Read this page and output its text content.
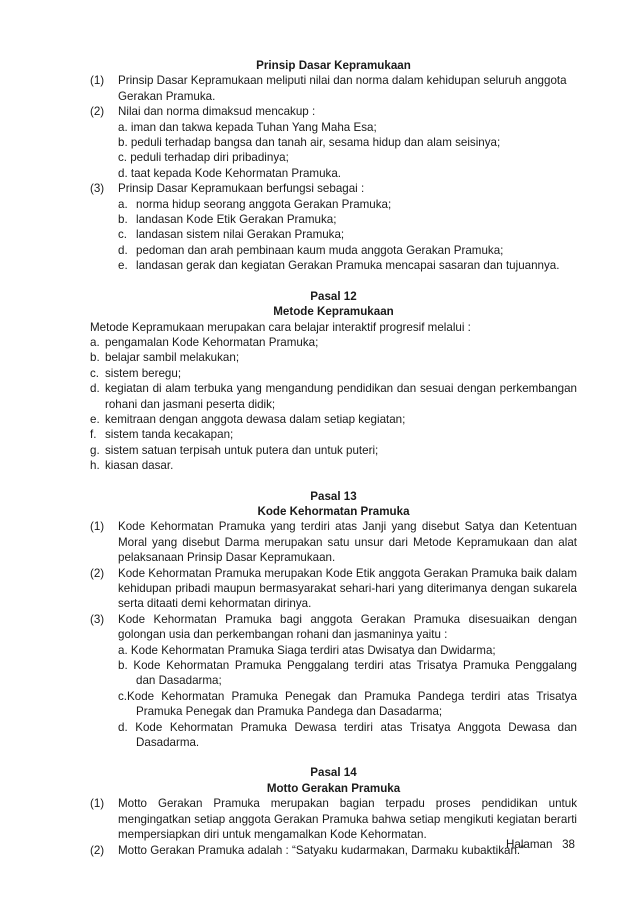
Prinsip Dasar Kepramukaan

(1)	Prinsip Dasar Kepramukaan meliputi nilai dan norma dalam kehidupan seluruh anggota Gerakan Pramuka.
(2)	Nilai dan norma dimaksud mencakup :
a. iman dan takwa kepada Tuhan Yang Maha Esa;
b. peduli terhadap bangsa dan tanah air, sesama hidup dan alam seisinya;
c. peduli terhadap diri pribadinya;
d. taat kepada Kode Kehormatan Pramuka.
(3)	Prinsip Dasar Kepramukaan berfungsi sebagai :
a. norma hidup seorang anggota Gerakan Pramuka;
b. landasan Kode Etik Gerakan Pramuka;
c. landasan sistem nilai Gerakan Pramuka;
d. pedoman dan arah pembinaan kaum muda anggota Gerakan Pramuka;
e. landasan gerak dan kegiatan Gerakan Pramuka mencapai sasaran dan tujuannya.

Pasal 12

Metode Kepramukaan

Metode Kepramukaan merupakan cara belajar interaktif progresif melalui :

a. pengamalan Kode Kehormatan Pramuka;
b. belajar sambil melakukan;
c. sistem beregu;
d. kegiatan di alam terbuka yang mengandung pendidikan dan sesuai dengan perkembangan rohani dan jasmani peserta didik;
e. kemitraan dengan anggota dewasa dalam setiap kegiatan;
f. sistem tanda kecakapan;
g. sistem satuan terpisah untuk putera dan untuk puteri;
h. kiasan dasar.

Pasal 13

Kode Kehormatan Pramuka

(1)	Kode Kehormatan Pramuka yang terdiri atas Janji yang disebut Satya dan Ketentuan Moral yang disebut Darma merupakan satu unsur dari Metode Kepramukaan dan alat pelaksanaan Prinsip Dasar Kepramukaan.
(2)	Kode Kehormatan Pramuka merupakan Kode Etik anggota Gerakan Pramuka baik dalam kehidupan pribadi maupun bermasyarakat sehari-hari yang diterimanya dengan sukarela serta ditaati demi kehormatan dirinya.
(3)	Kode Kehormatan Pramuka bagi anggota Gerakan Pramuka disesuaikan dengan golongan usia dan perkembangan rohani dan jasmaninya yaitu :
a. Kode Kehormatan Pramuka Siaga terdiri atas Dwisatya dan Dwidarma;
b. Kode Kehormatan Pramuka Penggalang terdiri atas Trisatya Pramuka Penggalang dan Dasadarma;
c.Kode Kehormatan Pramuka Penegak dan Pramuka Pandega terdiri atas Trisatya Pramuka Penegak dan Pramuka Pandega dan Dasadarma;
d. Kode Kehormatan Pramuka Dewasa terdiri atas Trisatya Anggota Dewasa dan Dasadarma.

Pasal 14

Motto Gerakan Pramuka

(1)	Motto Gerakan Pramuka merupakan bagian terpadu proses pendidikan untuk mengingatkan setiap anggota Gerakan Pramuka bahwa setiap mengikuti kegiatan berarti mempersiapkan diri untuk mengamalkan Kode Kehormatan.
(2)	Motto Gerakan Pramuka adalah : “Satyaku kudarmakan, Darmaku kubaktikan.”
Halaman 38
